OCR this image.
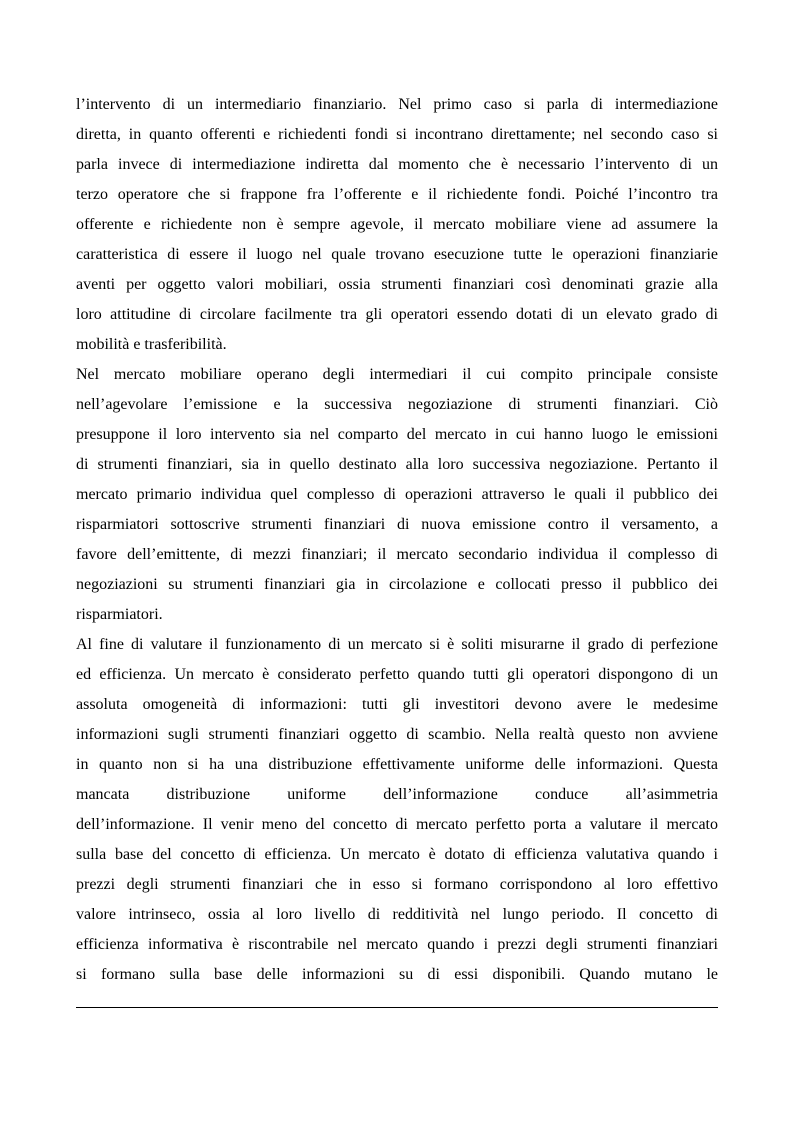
l’intervento di un intermediario finanziario. Nel primo caso si parla di intermediazione
diretta, in quanto offerenti e richiedenti fondi si incontrano direttamente; nel secondo caso si
parla invece di intermediazione indiretta dal momento che è necessario l’intervento di un
terzo operatore che si frappone fra l’offerente e il richiedente fondi. Poiché l’incontro tra
offerente e richiedente non è sempre agevole, il mercato mobiliare viene ad assumere la
caratteristica di essere il luogo nel quale trovano esecuzione tutte le operazioni finanziarie
aventi per oggetto valori mobiliari, ossia strumenti finanziari così denominati grazie alla
loro attitudine di circolare facilmente tra gli operatori essendo dotati di un elevato grado di
mobilità e trasferibilità.

Nel mercato mobiliare operano degli intermediari il cui compito principale consiste
nell’agevolare l’emissione e la successiva negoziazione di strumenti finanziari. Ciò
presuppone il loro intervento sia nel comparto del mercato in cui hanno luogo le emissioni
di strumenti finanziari, sia in quello destinato alla loro successiva negoziazione. Pertanto il
mercato primario individua quel complesso di operazioni attraverso le quali il pubblico dei
risparmiatori sottoscrive strumenti finanziari di nuova emissione contro il versamento, a
favore dell’emittente, di mezzi finanziari; il mercato secondario individua il complesso di
negoziazioni su strumenti finanziari gia in circolazione e collocati presso il pubblico dei
risparmiatori.

Al fine di valutare il funzionamento di un mercato si è soliti misurarne il grado di perfezione
ed efficienza. Un mercato è considerato perfetto quando tutti gli operatori dispongono di un
assoluta omogeneità di informazioni: tutti gli investitori devono avere le medesime
informazioni sugli strumenti finanziari oggetto di scambio. Nella realtà questo non avviene
in quanto non si ha una distribuzione effettivamente uniforme delle informazioni. Questa
mancata distribuzione uniforme dell’informazione conduce all’asimmetria
dell’informazione. Il venir meno del concetto di mercato perfetto porta a valutare il mercato
sulla base del concetto di efficienza. Un mercato è dotato di efficienza valutativa quando i
prezzi degli strumenti finanziari che in esso si formano corrispondono al loro effettivo
valore intrinseco, ossia al loro livello di redditività nel lungo periodo. Il concetto di
efficienza informativa è riscontrabile nel mercato quando i prezzi degli strumenti finanziari
si formano sulla base delle informazioni su di essi disponibili. Quando mutano le
